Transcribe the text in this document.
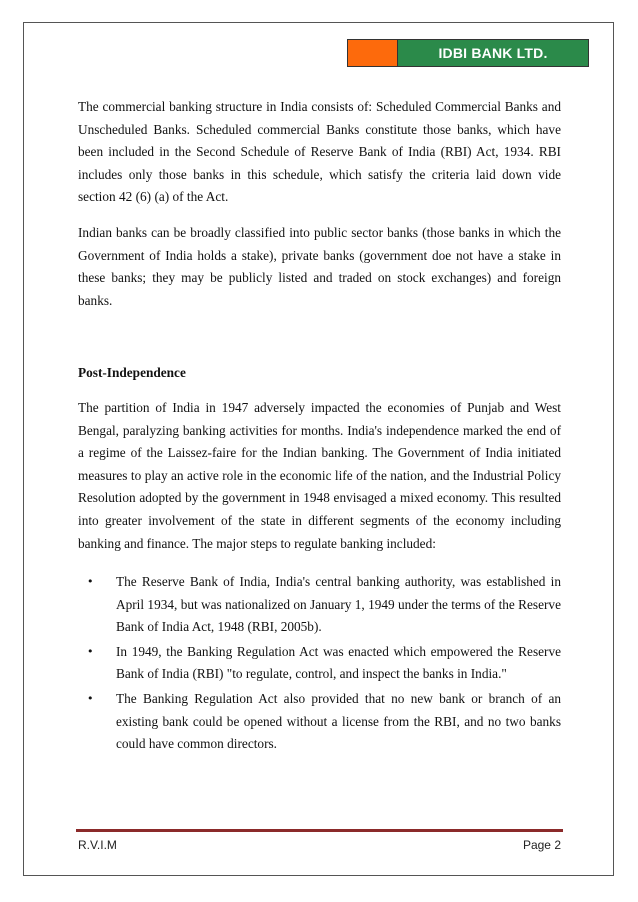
IDBI BANK LTD.

The commercial banking structure in India consists of: Scheduled Commercial Banks and Unscheduled Banks. Scheduled commercial Banks constitute those banks, which have been included in the Second Schedule of Reserve Bank of India (RBI) Act, 1934. RBI includes only those banks in this schedule, which satisfy the criteria laid down vide section 42 (6) (a) of the Act.

Indian banks can be broadly classified into public sector banks (those banks in which the Government of India holds a stake), private banks (government doe not have a stake in these banks; they may be publicly listed and traded on stock exchanges) and foreign banks.

Post-Independence

The partition of India in 1947 adversely impacted the economies of Punjab and West Bengal, paralyzing banking activities for months. India's independence marked the end of a regime of the Laissez-faire for the Indian banking. The Government of India initiated measures to play an active role in the economic life of the nation, and the Industrial Policy Resolution adopted by the government in 1948 envisaged a mixed economy. This resulted into greater involvement of the state in different segments of the economy including banking and finance. The major steps to regulate banking included:

• The Reserve Bank of India, India's central banking authority, was established in April 1934, but was nationalized on January 1, 1949 under the terms of the Reserve Bank of India Act, 1948 (RBI, 2005b).
• In 1949, the Banking Regulation Act was enacted which empowered the Reserve Bank of India (RBI) "to regulate, control, and inspect the banks in India."
• The Banking Regulation Act also provided that no new bank or branch of an existing bank could be opened without a license from the RBI, and no two banks could have common directors.
R.V.I.M	Page 2
